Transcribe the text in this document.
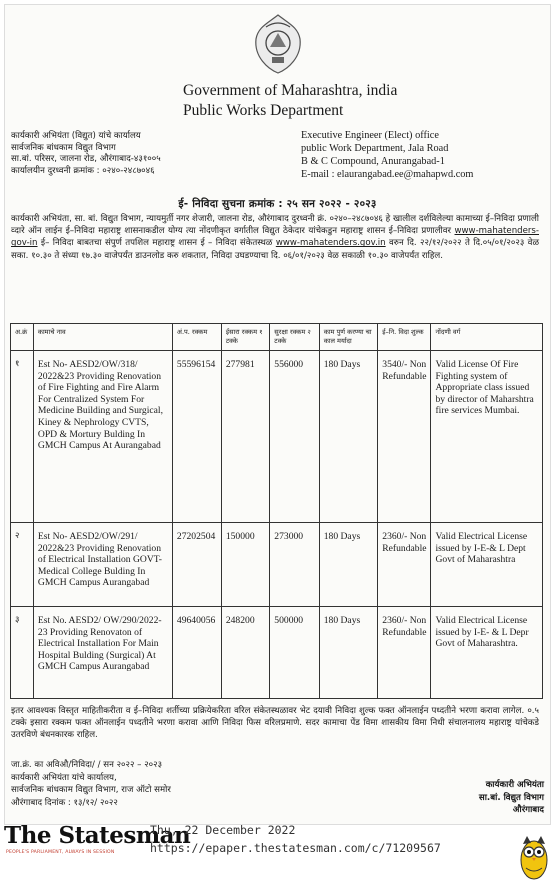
Government of Maharashtra, india
Public Works Department
कार्यकारी अभियंता (विद्युत) यांचे कार्यालय
सार्वजनिक बांधकाम विद्युत विभाग
सा.बां. परिसर, जालना रोड, औरंगाबाद-४३१००५
कार्यालयीन दुरध्वनी क्रमांक : ०२४०-२४८७०४६
Executive Engineer (Elect) office
public Work Department, Jala Road
B & C Compound, Anurangabad-1
E-mail : elaurangabad.ee@mahapwd.com
ई- निविदा सुचना क्रमांक : २५ सन २०२२ - २०२३
कार्यकारी अभियंता, सा. बां. विद्युत विभाग, न्यायमुर्ती नगर शेजारी, जालना रोड, औरंगाबाद दुरध्वनी क्रं. ०२४०–२४८७०४६ हे खालील दर्शविलेल्या कामाच्या ई–निविदा प्रणाली व्दारे ऑन लाईन ई–निविदा महाराष्ट्र शासनाकडील योग्य त्या नोंदणीकृत वर्गातील विद्युत ठेकेदार यांचेकडुन महाराष्ट्र शासन ई–निविदा प्रणालीवर www-mahatenders-gov-in ई– निविदा बाबतचा संपुर्ण तपशिल महाराष्ट्र शासन ई – निविदा संकेतस्थळ www-mahatenders.gov.in वरुन दि. २२/१२/२०२२ ते दि.०५/०१/२०२३ वेळ सका. १०.३० ते संध्या १७.३० वाजेपर्यंत डाउनलोड करु शकतात, निविदा उघडण्याचा दि. ०६/०१/२०२३ वेळ सकाळी १०.३० वाजेपर्यंत राहिल.
अ.क्रं	कामाचे नाव	अं.प. रक्कम	ईसारा रक्कम १ टक्के	सुरक्षा रक्कम २ टक्के	काम पुर्ण करण्या चा काल मर्यादा	ई–नि. विदा शुल्क	नोंदणी वर्ग
१	Est No- AESD2/OW/318/ 2022&23 Providing Renovation of Fire Fighting and Fire Alarm For Centralized System For Medicine Building and Surgical, Kiney & Nephrology CVTS, OPD & Mortury Bulding In GMCH Campus At Aurangabad	55596154	277981	556000	180 Days	3540/- Non Refundable	Valid License Of Fire Fighting system of Appropriate class issued by director of Maharshtra fire services Mumbai.
२	Est No- AESD2/OW/291/ 2022&23 Providing Renovation of Electrical Installation GOVT- Medical College Bulding In GMCH Campus Aurangabad	27202504	150000	273000	180 Days	2360/- Non Refundable	Valid Electrical License issued by I-E-& L Dept Govt of Maharashtra
३	Est No. AESD2/ OW/290/2022-23 Providing Renovaton of Electrical Installation For Main Hospital Bulding (Surgical) At GMCH Campus Aurangabad	49640056	248200	500000	180 Days	2360/- Non Refundable	Valid Electrical License issued by I-E- & L Depr Govt of Maharashtra.
इतर आवश्यक विस्तृत माहितीकरीता व ई–निविदा शर्तीच्या प्रक्रियेकरिता वरिल संकेतस्थळावर भेट दयावी निविदा शुल्क फक्त ऑनलाईन पध्दतीने भरणा करावा लागेल. ०.५ टक्के इसारा रक्कम फक्त ऑनलाईन पध्दतीने भरणा करावा आणि निविदा फिस वरिलप्रमाणे. सदर कामाचा पेंड विमा शासकीय विमा निधी संचालनालय महाराष्ट्र यांचेकडे उतरविणे बंधनकारक राहिल.
जा.क्रं. का अविऔ/निविदा/ / सन २०२२ – २०२३
कार्यकारी अभियंता यांचे कार्यालय,
सार्वजनिक बांधकाम विद्युत विभाग, राज ऑटो समोर
औरंगाबाद दिनांक : १३/१२/ २०२२
कार्यकारी अभियंता
सा.बां. विद्युत विभाग
औरंगाबाद
The Statesman
PEOPLE'S PARLIAMENT, ALWAYS IN SESSION
Thu, 22 December 2022
https://epaper.thestatesman.com/c/71209567
